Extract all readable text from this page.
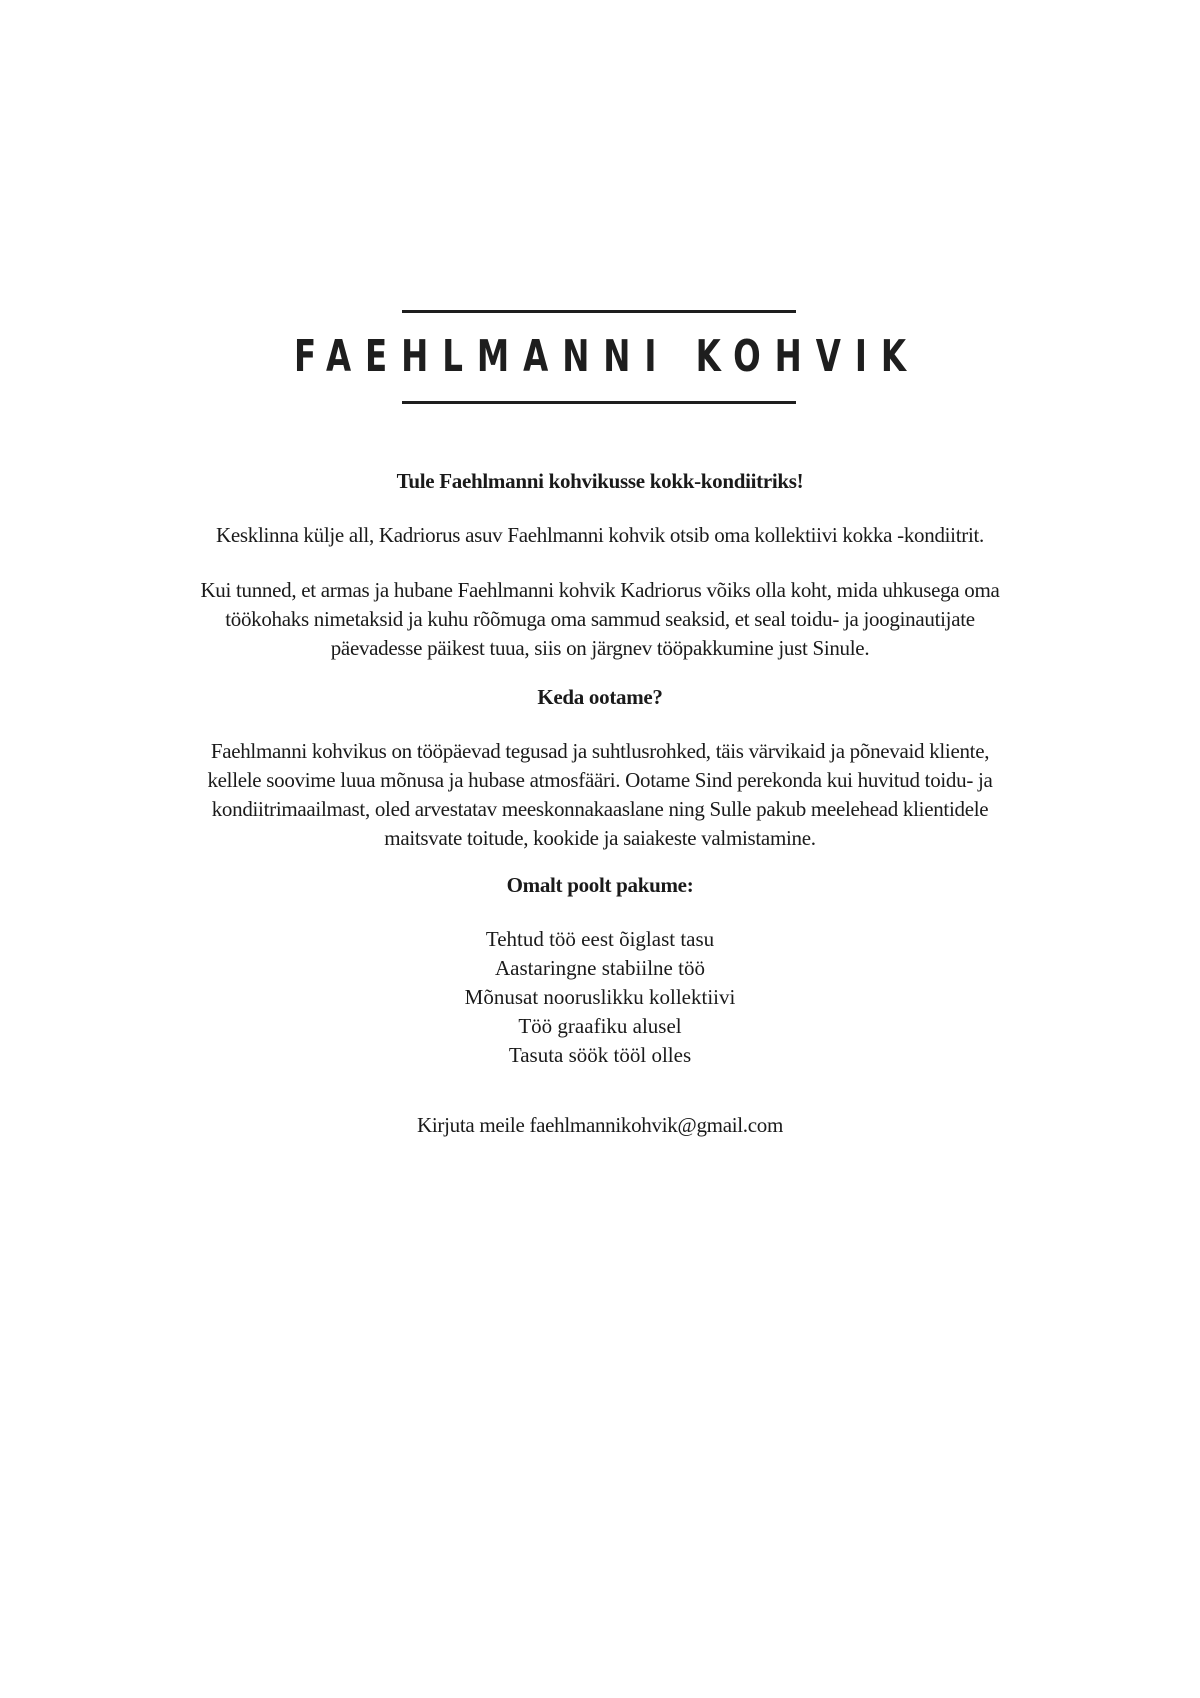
FAEHLMANNI KOHVIK
Tule Faehlmanni kohvikusse kokk-kondiitriks!
Kesklinna külje all, Kadriorus asuv Faehlmanni kohvik otsib oma kollektiivi kokka -kondiitrit.
Kui tunned, et armas ja hubane Faehlmanni kohvik Kadriorus võiks olla koht, mida uhkusega oma
töökohaks nimetaksid ja kuhu rõõmuga oma sammud seaksid, et seal toidu- ja jooginautijate
päevadesse päikest tuua, siis on järgnev tööpakkumine just Sinule.
Keda ootame?
Faehlmanni kohvikus on tööpäevad tegusad ja suhtlusrohked, täis värvikaid ja põnevaid kliente,
kellele soovime luua mõnusa ja hubase atmosfääri. Ootame Sind perekonda kui huvitud toidu- ja
kondiitrimaailmast, oled arvestatav meeskonnakaaslane ning Sulle pakub meelehead klientidele
maitsvate toitude, kookide ja saiakeste valmistamine.
Omalt poolt pakume:
Tehtud töö eest õiglast tasu
Aastaringne stabiilne töö
Mõnusat nooruslikku kollektiivi
Töö graafiku alusel
Tasuta söök tööl olles
Kirjuta meile faehlmannikohvik@gmail.com
